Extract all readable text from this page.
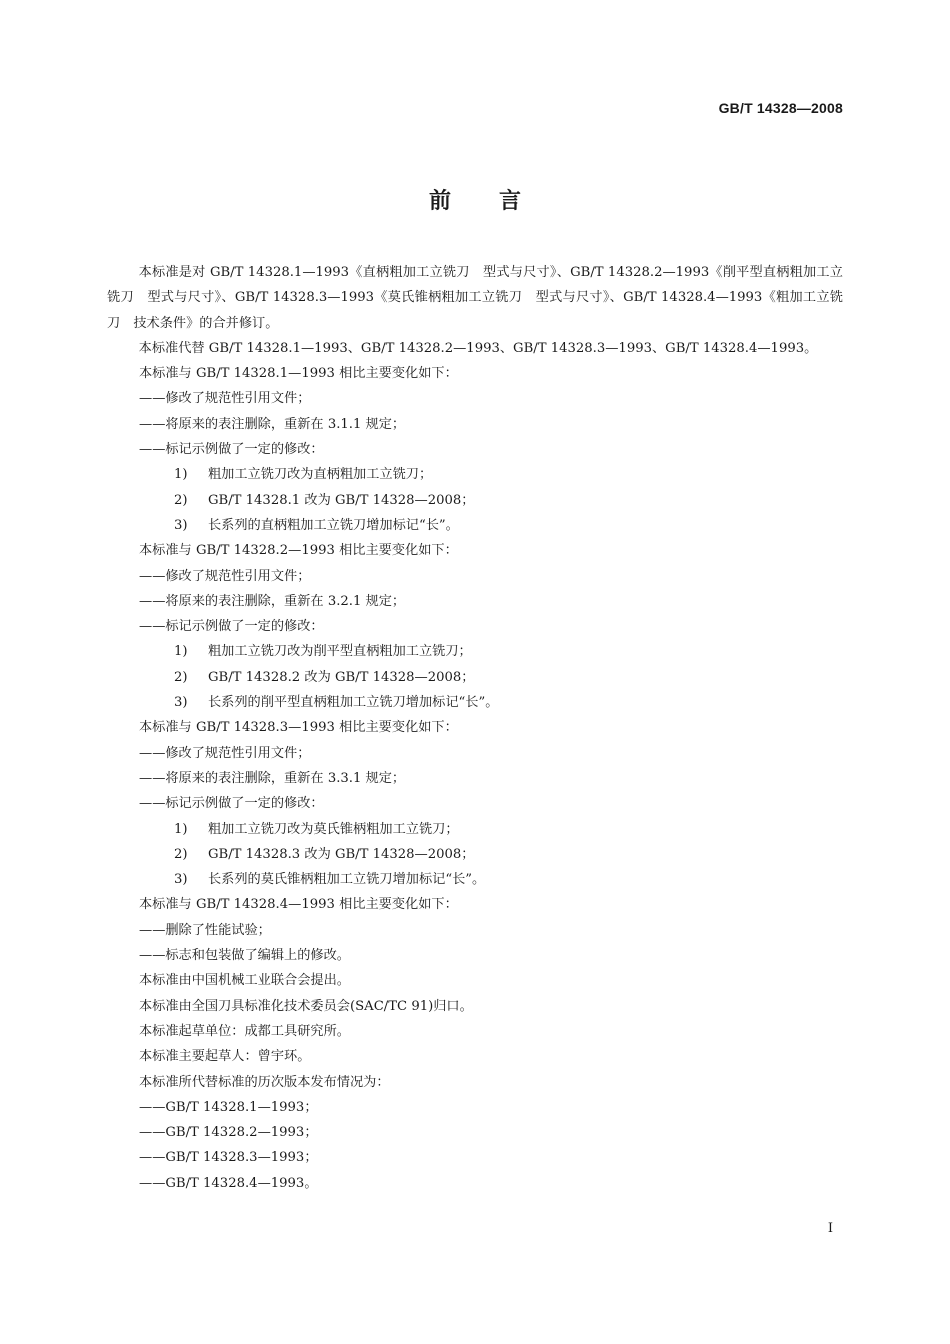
GB/T 14328—2008
前言

本标准是对 GB/T 14328.1—1993《直柄粗加工立铣刀　型式与尺寸》、GB/T 14328.2—1993《削平型直柄粗加工立铣刀　型式与尺寸》、GB/T 14328.3—1993《莫氏锥柄粗加工立铣刀　型式与尺寸》、GB/T 14328.4—1993《粗加工立铣刀　技术条件》的合并修订。

本标准代替 GB/T 14328.1—1993、GB/T 14328.2—1993、GB/T 14328.3—1993、GB/T 14328.4—1993。

本标准与 GB/T 14328.1—1993 相比主要变化如下：

——修改了规范性引用文件；

——将原来的表注删除，重新在 3.1.1 规定；

——标记示例做了一定的修改：

1) 粗加工立铣刀改为直柄粗加工立铣刀；

2) GB/T 14328.1 改为 GB/T 14328—2008；

3) 长系列的直柄粗加工立铣刀增加标记“长”。

本标准与 GB/T 14328.2—1993 相比主要变化如下：

——修改了规范性引用文件；

——将原来的表注删除，重新在 3.2.1 规定；

——标记示例做了一定的修改：

1) 粗加工立铣刀改为削平型直柄粗加工立铣刀；

2) GB/T 14328.2 改为 GB/T 14328—2008；

3) 长系列的削平型直柄粗加工立铣刀增加标记“长”。

本标准与 GB/T 14328.3—1993 相比主要变化如下：

——修改了规范性引用文件；

——将原来的表注删除，重新在 3.3.1 规定；

——标记示例做了一定的修改：

1) 粗加工立铣刀改为莫氏锥柄粗加工立铣刀；

2) GB/T 14328.3 改为 GB/T 14328—2008；

3) 长系列的莫氏锥柄粗加工立铣刀增加标记“长”。

本标准与 GB/T 14328.4—1993 相比主要变化如下：

——删除了性能试验；

——标志和包装做了编辑上的修改。

本标准由中国机械工业联合会提出。

本标准由全国刀具标准化技术委员会(SAC/TC 91)归口。

本标准起草单位：成都工具研究所。

本标准主要起草人：曾宇环。

本标准所代替标准的历次版本发布情况为：

——GB/T 14328.1—1993；

——GB/T 14328.2—1993；

——GB/T 14328.3—1993；

——GB/T 14328.4—1993。

I
